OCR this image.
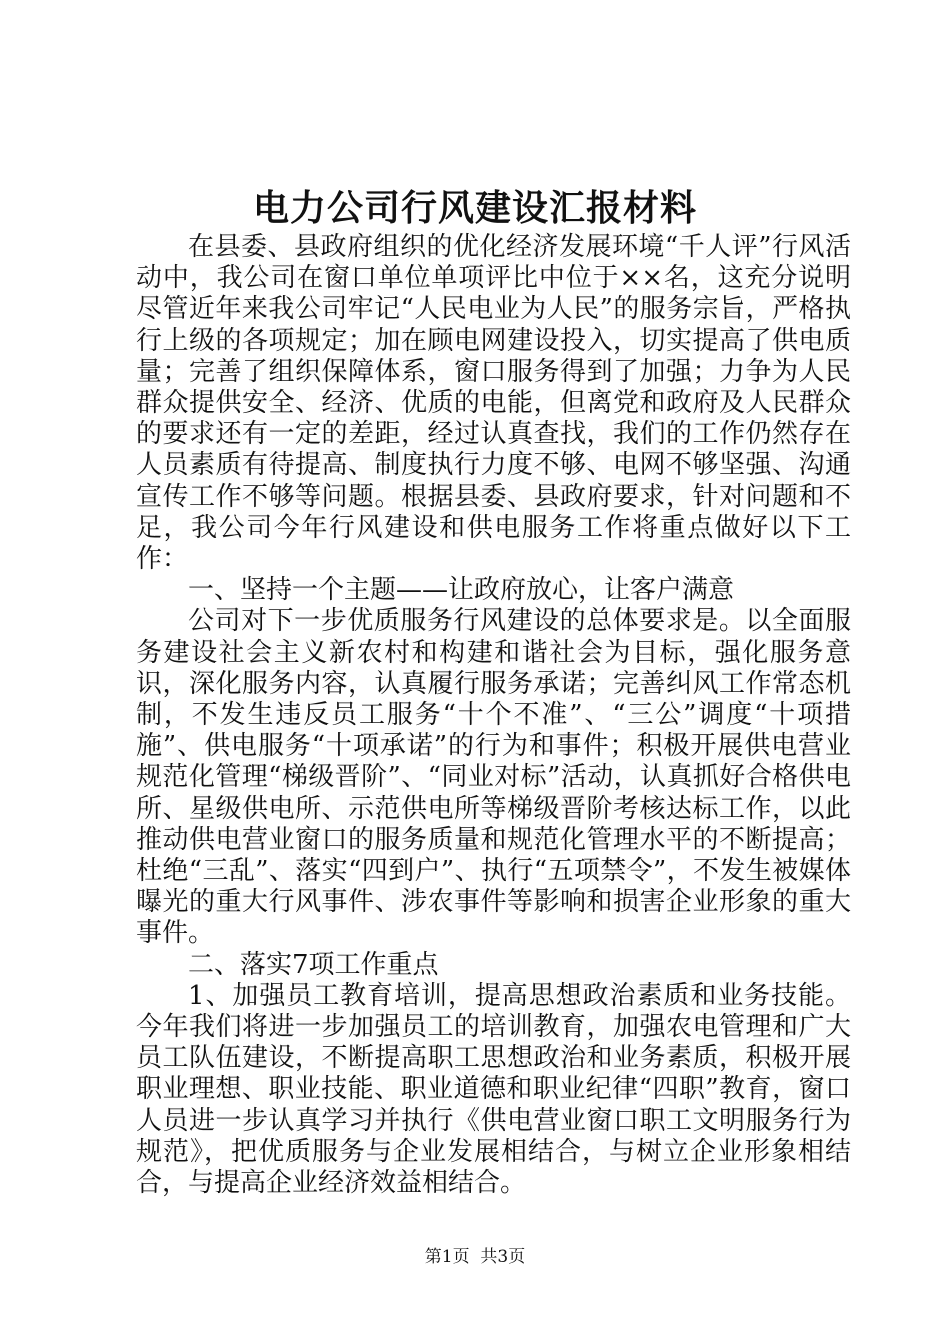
电力公司行风建设汇报材料

在县委、县政府组织的优化经济发展环境“千人评”行风活动中，我公司在窗口单位单项评比中位于××名，这充分说明尽管近年来我公司牢记“人民电业为人民”的服务宗旨，严格执行上级的各项规定；加在顾电网建设投入，切实提高了供电质量；完善了组织保障体系，窗口服务得到了加强；力争为人民群众提供安全、经济、优质的电能，但离党和政府及人民群众的要求还有一定的差距，经过认真查找，我们的工作仍然存在人员素质有待提高、制度执行力度不够、电网不够坚强、沟通宣传工作不够等问题。根据县委、县政府要求，针对问题和不足，我公司今年行风建设和供电服务工作将重点做好以下工作：

一、坚持一个主题——让政府放心，让客户满意

公司对下一步优质服务行风建设的总体要求是。以全面服务建设社会主义新农村和构建和谐社会为目标，强化服务意识，深化服务内容，认真履行服务承诺；完善纠风工作常态机制，不发生违反员工服务“十个不准”、“三公”调度“十项措施”、供电服务“十项承诺”的行为和事件；积极开展供电营业规范化管理“梯级晋阶”、“同业对标”活动，认真抓好合格供电所、星级供电所、示范供电所等梯级晋阶考核达标工作，以此推动供电营业窗口的服务质量和规范化管理水平的不断提高；杜绝“三乱”、落实“四到户”、执行“五项禁令”，不发生被媒体曝光的重大行风事件、涉农事件等影响和损害企业形象的重大事件。

二、落实7项工作重点

1、加强员工教育培训，提高思想政治素质和业务技能。今年我们将进一步加强员工的培训教育，加强农电管理和广大员工队伍建设，不断提高职工思想政治和业务素质，积极开展职业理想、职业技能、职业道德和职业纪律“四职”教育，窗口人员进一步认真学习并执行《供电营业窗口职工文明服务行为规范》，把优质服务与企业发展相结合，与树立企业形象相结合，与提高企业经济效益相结合。

第1页 共3页
